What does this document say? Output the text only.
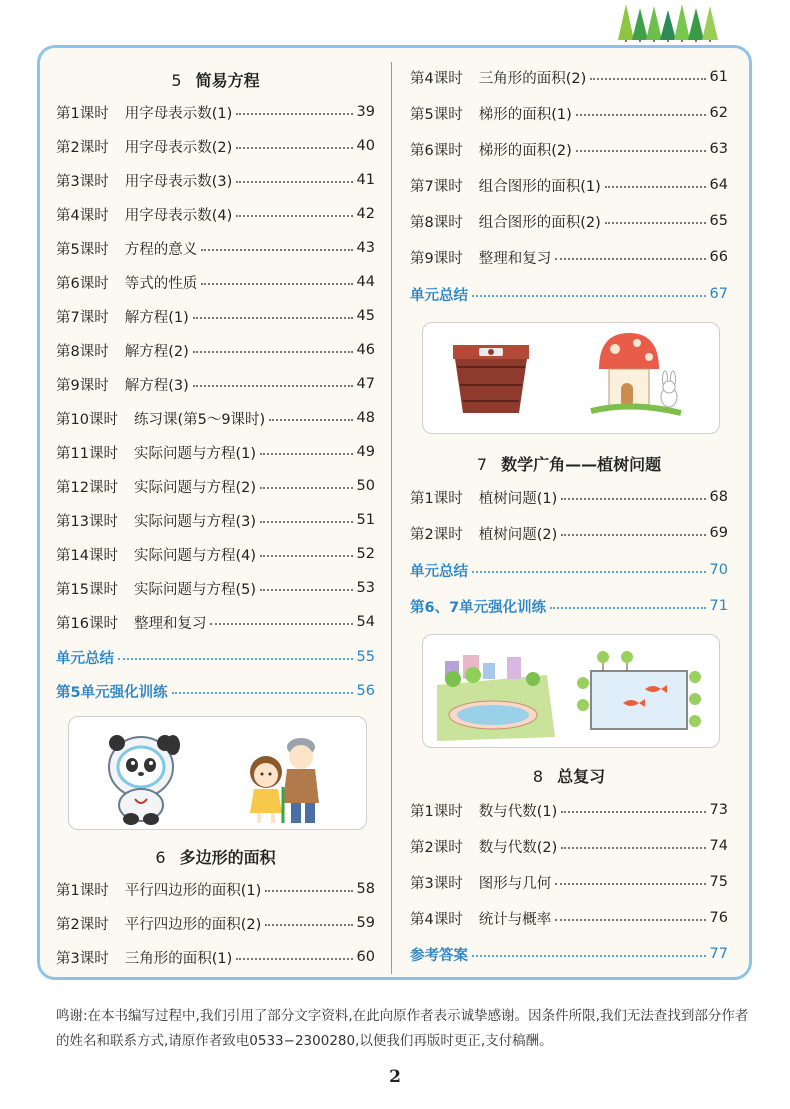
5 简易方程
第1课时 用字母表示数(1)	39
第2课时 用字母表示数(2)	40
第3课时 用字母表示数(3)	41
第4课时 用字母表示数(4)	42
第5课时 方程的意义	43
第6课时 等式的性质	44
第7课时 解方程(1)	45
第8课时 解方程(2)	46
第9课时 解方程(3)	47
第10课时 练习课(第5～9课时)	48
第11课时 实际问题与方程(1)	49
第12课时 实际问题与方程(2)	50
第13课时 实际问题与方程(3)	51
第14课时 实际问题与方程(4)	52
第15课时 实际问题与方程(5)	53
第16课时 整理和复习	54
单元总结	55
第5单元强化训练	56
6 多边形的面积
第1课时 平行四边形的面积(1)	58
第2课时 平行四边形的面积(2)	59
第3课时 三角形的面积(1)	60
第4课时 三角形的面积(2)	61
第5课时 梯形的面积(1)	62
第6课时 梯形的面积(2)	63
第7课时 组合图形的面积(1)	64
第8课时 组合图形的面积(2)	65
第9课时 整理和复习	66
单元总结	67
7 数学广角——植树问题
第1课时 植树问题(1)	68
第2课时 植树问题(2)	69
单元总结	70
第6、7单元强化训练	71
8 总复习
第1课时 数与代数(1)	73
第2课时 数与代数(2)	74
第3课时 图形与几何	75
第4课时 统计与概率	76
参考答案	77
鸣谢:在本书编写过程中,我们引用了部分文字资料,在此向原作者表示诚挚感谢。因条件所限,我们无法查找到部分作者的姓名和联系方式,请原作者致电0533−2300280,以便我们再版时更正,支付稿酬。
2
